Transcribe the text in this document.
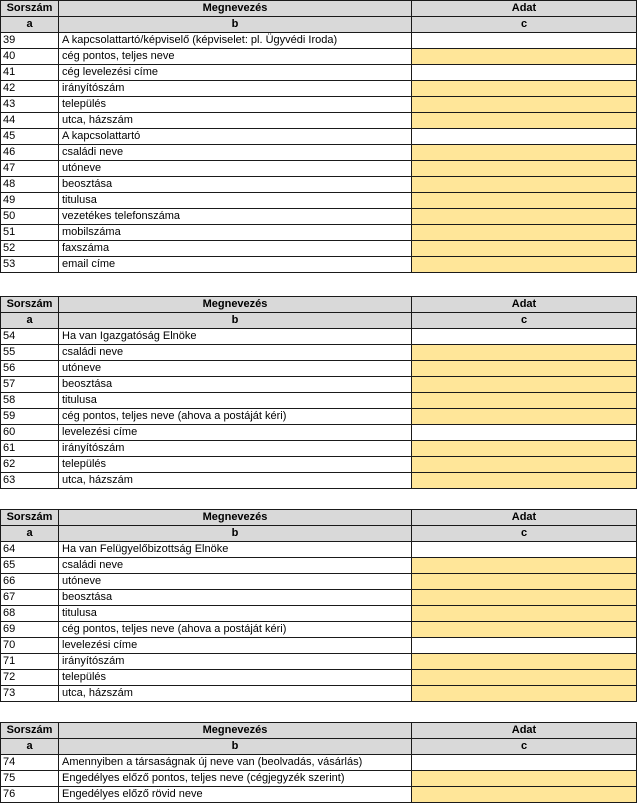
Sorszám	Megnevezés	Adat
a	b	c
39	A kapcsolattartó/képviselő (képviselet: pl. Ügyvédi Iroda)	
40	cég pontos, teljes neve	
41	cég levelezési címe	
42	irányítószám	
43	település	
44	utca, házszám	
45	A kapcsolattartó	
46	családi neve	
47	utóneve	
48	beosztása	
49	titulusa	
50	vezetékes telefonszáma	
51	mobilszáma	
52	faxszáma	
53	email címe	
Sorszám	Megnevezés	Adat
a	b	c
54	Ha van Igazgatóság Elnöke	
55	családi neve	
56	utóneve	
57	beosztása	
58	titulusa	
59	cég pontos, teljes neve (ahova a postáját kéri)	
60	levelezési címe	
61	irányítószám	
62	település	
63	utca, házszám	
Sorszám	Megnevezés	Adat
a	b	c
64	Ha van Felügyelőbizottság Elnöke	
65	családi neve	
66	utóneve	
67	beosztása	
68	titulusa	
69	cég pontos, teljes neve (ahova a postáját kéri)	
70	levelezési címe	
71	irányítószám	
72	település	
73	utca, házszám	
Sorszám	Megnevezés	Adat
a	b	c
74	Amennyiben a társaságnak új neve van (beolvadás, vásárlás)	
75	Engedélyes előző pontos, teljes neve (cégjegyzék szerint)	
76	Engedélyes előző rövid neve	
